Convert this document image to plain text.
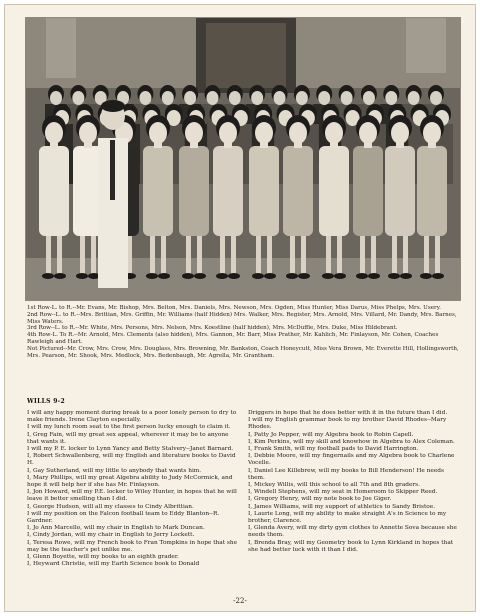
1st Row-L. to R.--Mr. Evans, Mr. Bishop, Mrs. Belton, Mrs. Daniels, Mrs. Newson, Mrs. Ogden, Miss Hunter, Miss Darus, Miss Phelps, Mrs. Usery.

2nd Row--L. to R.--Mrs. Brittian, Mrs. Griffin, Mr. Williams (half Hidden) Mrs. Walker, Mrs. Register, Mrs. Arnold, Mrs. Villard, Mr. Dandy, Mrs. Barnes, Miss Waters.

3rd Row--L. to R.--Mr. White, Mrs. Persons, Mrs. Nelson, Mrs. Koestline (half hidden), Mrs. McDuffie, Mrs. Duke, Miss Hildebrant.

4th Row-L. To R.--Mr. Arnold, Mrs. Clements (also hidden), Mrs. Gannon, Mr. Barr, Miss Prather, Mr. Kahlich, Mr. Finlayson, Mr. Cohen, Coaches Rawleigh and Hart.

Not Pictured--Mr. Crow, Mrs. Crow, Mrs. Douglass, Mrs. Browning, Mr. Bankston, Coach Honeycutt, Miss Vera Brown, Mr. Everette Hill, Hollingsworth, Mrs. Pearson, Mr. Shook, Mrs. Medlock, Mrs. Bedenbaugh, Mr. Agrella, Mr. Grantham.

WILLS 9-2

I will any happy moment during break to a poor lonely person to dry to make friends. Irene Clayton especially.

I will my lunch room seat to the first person lucky enough to claim it.

I, Greg Fain, will my great sex appeal, wherever it may be to anyone that wants it.

I will my P. E. locker to Lynn Yancy and Betty Stalvery--Janet Barnard.

I, Robert Schwallenberg, will my English and literature books to David H.

I, Gay Sutherland, will my little to anybody that wants him.

I, Mary Phillips, will my great Algebra ability to Judy McCormick, and hope it will help her if she has Mr. Finlayson.

I, Jon Howard, will my P.E. locker to Wiley Hunter, in hopes that he will leave it better smelling than I did.

I, George Hudson, will all my classes to Cindy Albrittian.

I will my position on the Falcon football team to Eddy Blanton--R. Gardner.

I, Jo Ann Marcello, will my chair in English to Mark Duncan.

I, Cindy Jordan, will my chair in English to Jerry Lockett.

I, Teresa Rowe, will my French book to Fran Tompkins in hope that she may be the teacher's pet unlike me.

I, Glenn Boyette, will my books to an eighth grader.

I, Heyward Christie, will my Earth Science book to Donald

Driggers in hope that he does better with it in the future than I did.

I will my English grammar book to my brother David Rhodes--Mary Rhodes.

I, Patty Jo Pepper, will my Algebra book to Robin Capell.

I, Kim Perkins, will my skill and knowhow in Algebra to Alex Coleman.

I, Frank Smith, will my football pads to David Harrington.

I, Debbie Moore, will my fingernails and my Algebra book to Charlene Vocelle.

I, Daniel Lee Killebrew, will my books to Bill Henderson! He needs them.

I, Mickey Willis, will this school to all 7th and 8th graders.

I, Windell Stephens, will my seat in Homeroom to Skipper Reed.

I, Gregory Henry, will my note book to Joe Giger.

I, James Williams, will my support of athletics to Sandy Bristoe.

I, Laurie Long, will my ability to make straight A's in Science to my brother, Clarence.

I, Glenda Avery, will my dirty gym clothes to Annette Sova because she needs them.

I, Brenda Bray, will my Geometry book to Lynn Kirkland in hopes that she had better luck with it than I did.

-22-
